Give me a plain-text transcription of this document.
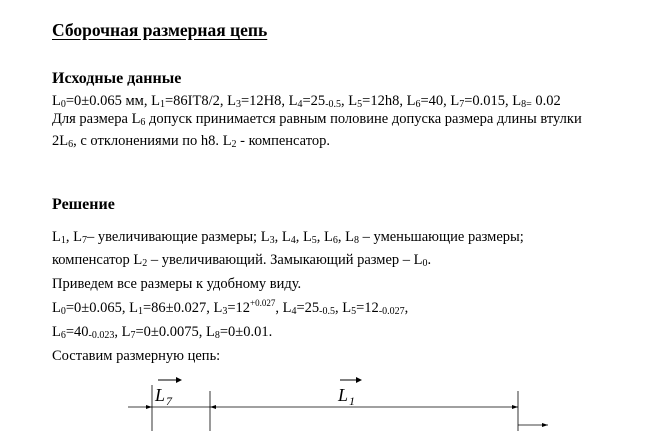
Сборочная размерная цепь
Исходные данные
$L_0=0\pm 0.065$ мм, $L_1=86IT8/2$, $L_3=12H8$, $L_4=25_{-0.5}$, $L_5=12h8$, $L_6=40$, $L_7=0.015$, $L_{8=}$ 0.02
Для размера $L_6$ допуск принимается равным половине допуска размера длины втулки
$2L_6$, с отклонениями по h8. $L_2$ - компенсатор.
Решение
$L_1$, $L_7-$ увеличивающие размеры; $L_3$, $L_4$, $L_5$, $L_6$, $L_8$ – уменьшающие размеры;
компенсатор $L_2$ – увеличивающий. Замыкающий размер – $L_0$.
Приведем все размеры к удобному виду.
$L_0=0\pm 0.065$, $L_1=86\pm 0.027$, $L_3=12^{+0.027}$, $L_4=25_{-0.5}$, $L_5=12_{-0.027}$,
$L_6=40_{-0.023}$, $L_7=0\pm 0.0075$, $L_8=0\pm 0.01$.
Составим размерную цепь:
L 7	L 1
